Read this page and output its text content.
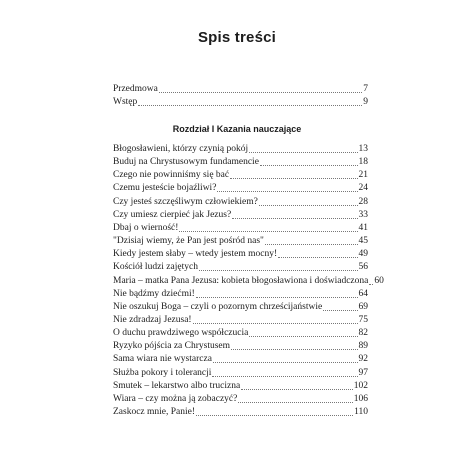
Spis treści
Przedmowa	7
Wstęp	9
Rozdział I Kazania nauczające
Błogosławieni, którzy czynią pokój	13
Buduj na Chrystusowym fundamencie	18
Czego nie powinniśmy się bać	21
Czemu jesteście bojaźliwi?	24
Czy jesteś szczęśliwym człowiekiem?	28
Czy umiesz cierpieć jak Jezus?	33
Dbaj o wierność!	41
"Dzisiaj wiemy, że Pan jest pośród nas"	45
Kiedy jestem słaby – wtedy jestem mocny!	49
Kościół ludzi zajętych	56
Maria – matka Pana Jezusa: kobieta błogosławiona i doświadczona 60
Nie bądźmy dziećmi!	64
Nie oszukuj Boga – czyli o pozornym chrześcijaństwie	69
Nie zdradzaj Jezusa!	75
O duchu prawdziwego współczucia	82
Ryzyko pójścia za Chrystusem	89
Sama wiara nie wystarcza	92
Służba pokory i tolerancji	97
Smutek – lekarstwo albo trucizna	102
Wiara – czy można ją zobaczyć?	106
Zaskocz mnie, Panie!	110
